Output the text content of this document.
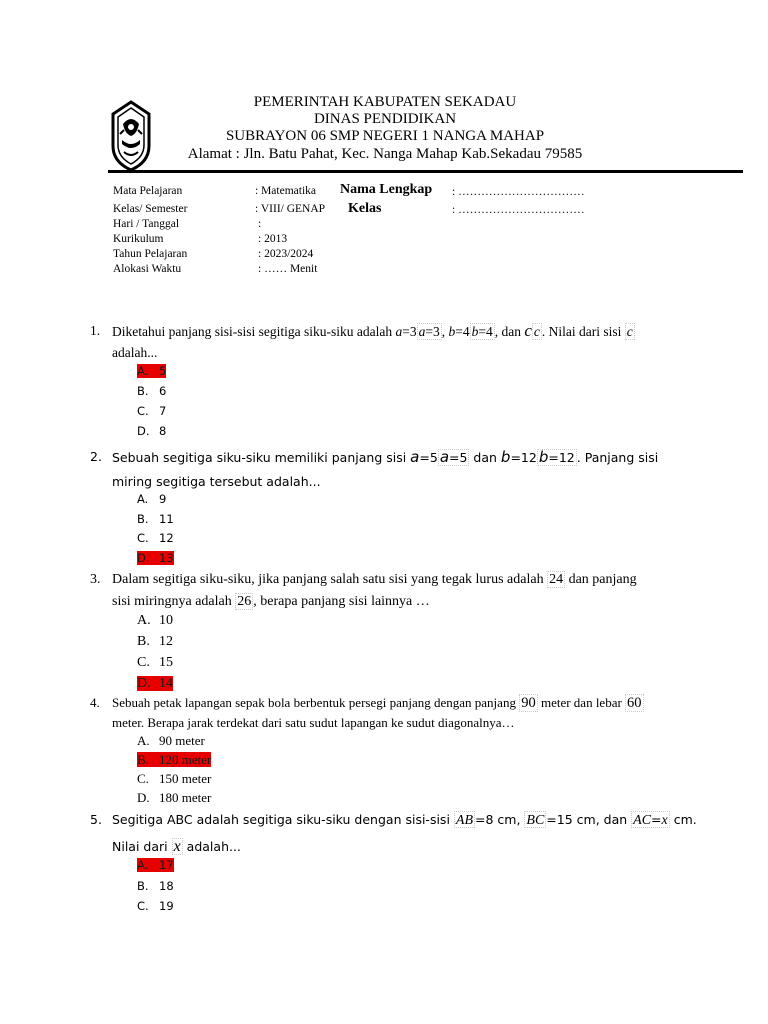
PEMERINTAH KABUPATEN SEKADAU
DINAS PENDIDIKAN
SUBRAYON 06 SMP NEGERI 1 NANGA MAHAP
Alamat : Jln. Batu Pahat, Kec. Nanga Mahap Kab.Sekadau 79585
Mata Pelajaran	: Matematika
Kelas/ Semester	: VIII/ GENAP
Hari / Tanggal	:
Kurikulum	: 2013
Tahun Pelajaran	: 2023/2024
Alokasi Waktu	: …… Menit
Nama Lengkap : ……………………………
Kelas	: ……………………………
1. Diketahui panjang sisi-sisi segitiga siku-siku adalah a=3 a=3 , b=4 b=4 , dan c c . Nilai dari sisi c
adalah...
A. 5
B. 6
C. 7
D. 8
2. Sebuah segitiga siku-siku memiliki panjang sisi a=5 a=5 dan b=12 b=12 . Panjang sisi
miring segitiga tersebut adalah...
A. 9
B. 11
C. 12
D. 13
3. Dalam segitiga siku-siku, jika panjang salah satu sisi yang tegak lurus adalah 24 dan panjang
sisi miringnya adalah 26 , berapa panjang sisi lainnya …
A. 10
B. 12
C. 15
D. 14
4. Sebuah petak lapangan sepak bola berbentuk persegi panjang dengan panjang 90 meter dan lebar 60
meter. Berapa jarak terdekat dari satu sudut lapangan ke sudut diagonalnya…
A. 90 meter
B. 120 meter
C. 150 meter
D. 180 meter
5. Segitiga ABC adalah segitiga siku-siku dengan sisi-sisi AB =8 cm, BC =15 cm, dan AC=x cm.
Nilai dari x adalah...
A. 17
B. 18
C. 19
